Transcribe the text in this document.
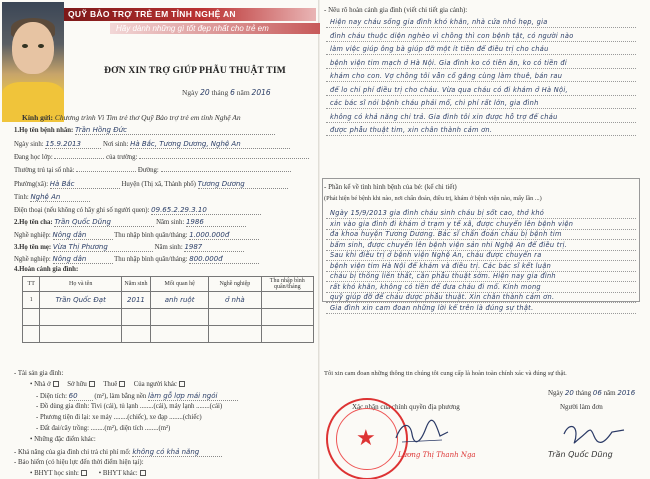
QUỸ BẢO TRỢ TRẺ EM TỈNH NGHỆ AN
Hãy dành những gì tốt đẹp nhất cho trẻ em
ĐƠN XIN TRỢ GIÚP PHẪU THUẬT TIM
Ngày 20 tháng 6 năm 2016
Kính gửi: Chương trình Vì Tim trẻ thơ Quỹ Bảo trợ trẻ em tỉnh Nghệ An
1.Họ tên bệnh nhân: Trần Hồng Đức
Ngày sinh: 15.9.2013	Nơi sinh: Hà Bắc, Tương Dương, Nghệ An
Đang học lớp:	của trường:
Thường trú tại số nhà:	Đường:
Phường(xã): Hà Bắc	Huyện (Thị xã, Thành phố) Tương Dương
Tỉnh: Nghệ An
Điện thoại (nếu không có hãy ghi số người quen): 09.65.2.29.3.10
2.Họ tên cha: Trần Quốc Dũng	Năm sinh: 1986
Nghề nghiệp: Nông dân	Thu nhập bình quân/tháng: 1.000.000đ
3.Họ tên mẹ: Vừa Thị Phương	Năm sinh: 1987
Nghề nghiệp: Nông dân	Thu nhập bình quân/tháng: 800.000đ
4.Hoàn cảnh gia đình:
TT	Họ và tên	Năm sinh	Mối quan hệ	Nghề nghiệp	Thu nhập bình quân/tháng
1	Trần Quốc Đạt	2011	anh ruột	ở nhà	

- Tài sản gia đình:
• Nhà ở Sở hữu Thuê Của người khác
- Diện tích: 60 (m²), làm bằng nền làm gỗ lợp mái ngói
- Đồ dùng gia đình: Tivi (cái), tủ lạnh ........(cái), máy lạnh ........(cái)
- Phương tiện đi lại: xe máy ........(chiếc), xe đạp ........(chiếc)
- Đất đai/cây trồng: ........(m²), diện tích ........(m²)
• Những đặc điểm khác:
- Khả năng của gia đình chi trả chi phí mổ: không có khả năng
- Bảo hiểm (có hiệu lực đến thời điểm hiện tại):
• BHYT học sinh:	• BHYT khác:
- Nêu rõ hoàn cảnh gia đình (viết chi tiết gia cảnh):
Hiện nay cháu sống gia đình khó khăn, nhà cửa nhỏ hẹp, gia
đình cháu thuộc diện nghèo vì chồng thì con bệnh tật, có người nào
làm việc giúp ông bà giúp đỡ một ít tiền để điều trị cho cháu
bệnh viện tim mạch ở Hà Nội. Gia đình ko có tiền ăn, ko có tiền đi
khám cho con. Vợ chồng tôi vẫn cố gắng cùng làm thuê, bán rau
để lo chi phí điều trị cho cháu. Vừa qua cháu có đi khám ở Hà Nội,
các bác sĩ nói bệnh cháu phải mổ, chi phí rất lớn, gia đình
không có khả năng chi trả. Gia đình tôi xin được hỗ trợ để cháu
được phẫu thuật tim, xin chân thành cảm ơn.
- Phần kể về tình hình bệnh của bé: (kể chi tiết)
(Phát hiện bé bệnh khi nào, nơi chẩn đoán, điều trị, khám ở bệnh viện nào, mấy lần ...)
Ngày 15/9/2013 gia đình cháu sinh cháu bị sốt cao, thở khó
xin vào gia đình đi khám ở trạm y tế xã, được chuyển lên bệnh viện
đa khoa huyện Tương Dương. Bác sĩ chẩn đoán cháu bị bệnh tim
bẩm sinh, được chuyển lên bệnh viện sản nhi Nghệ An để điều trị.
Sau khi điều trị ở bệnh viện Nghệ An, cháu được chuyển ra
bệnh viện tim Hà Nội để khám và điều trị. Các bác sĩ kết luận
cháu bị thông liên thất, cần phẫu thuật sớm. Hiện nay gia đình
rất khó khăn, không có tiền để đưa cháu đi mổ. Kính mong
quỹ giúp đỡ để cháu được phẫu thuật. Xin chân thành cảm ơn.
Gia đình xin cam đoan những lời kể trên là đúng sự thật.
Tôi xin cam đoan những thông tin chúng tôi cung cấp là hoàn toàn chính xác và đúng sự thật.
Ngày 20 tháng 06 năm 2016
Xác nhận của chính quyền địa phương	Người làm đơn
★
Lương Thị Thanh Nga	Trần Quốc Dũng
